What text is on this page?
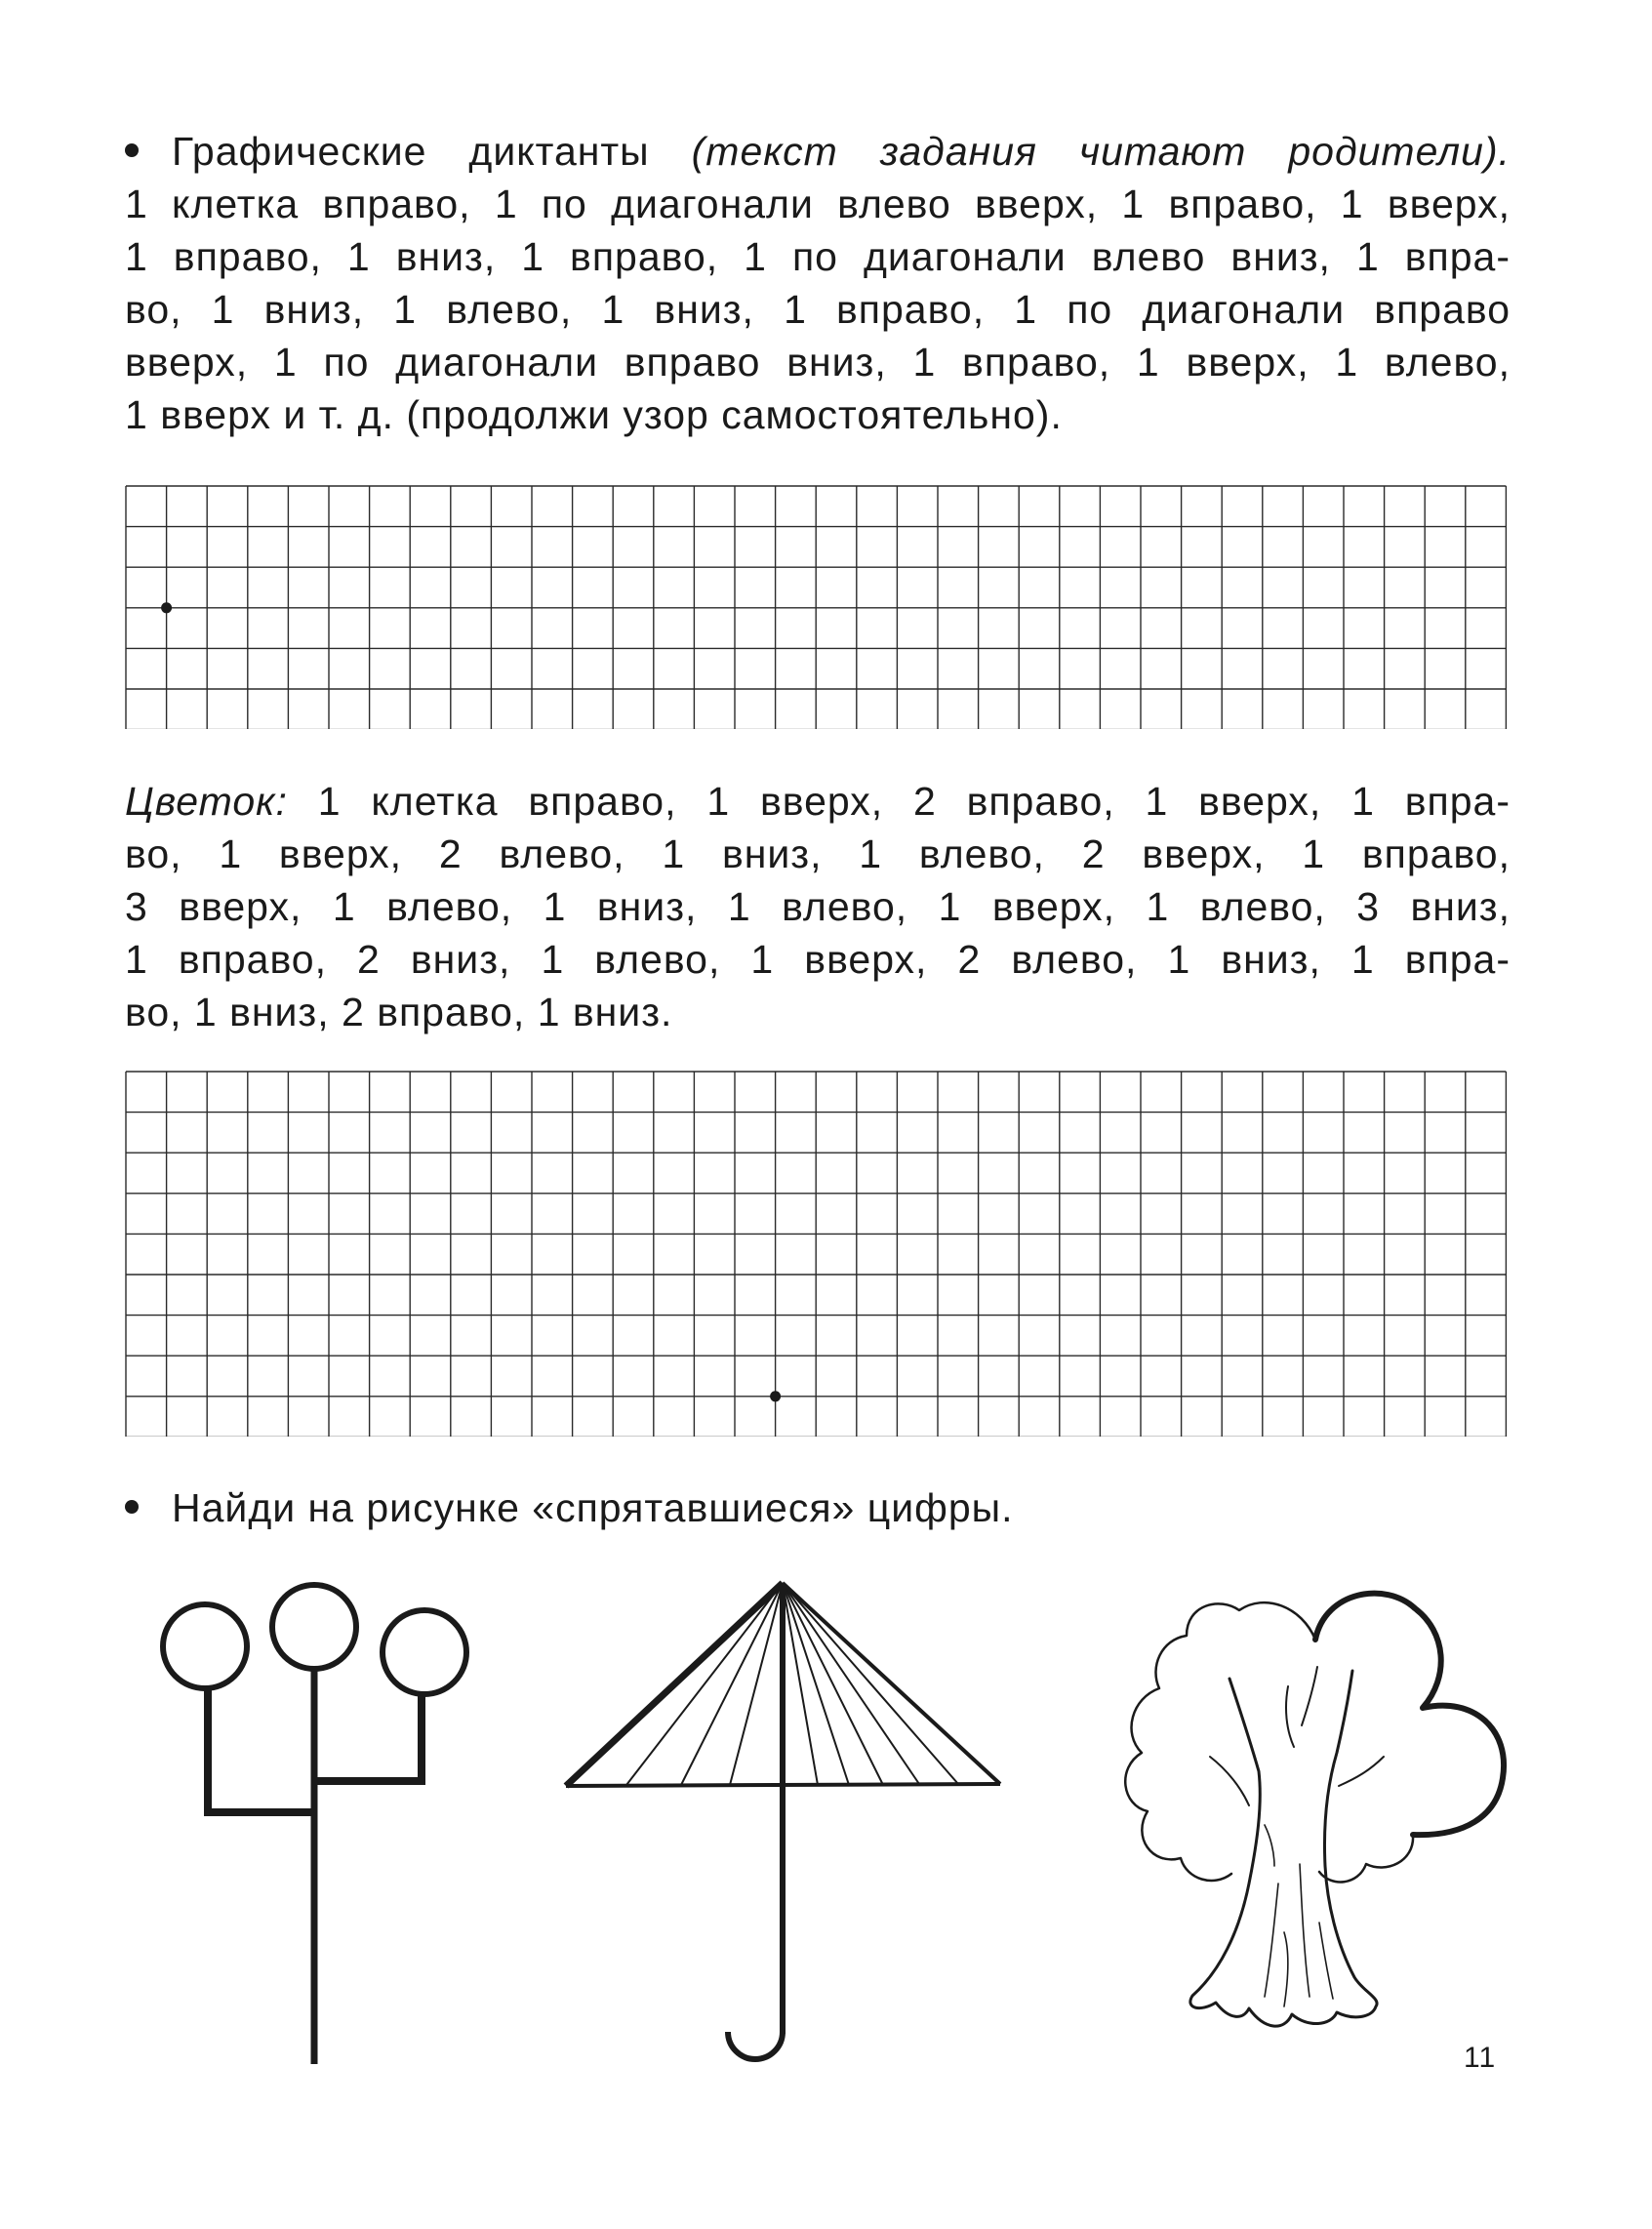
Графические диктанты (текст задания читают родители).
1 клетка вправо, 1 по диагонали влево вверх, 1 вправо, 1 вверх,
1 вправо, 1 вниз, 1 вправо, 1 по диагонали влево вниз, 1 впра-
во, 1 вниз, 1 влево, 1 вниз, 1 вправо, 1 по диагонали вправо
вверх, 1 по диагонали вправо вниз, 1 вправо, 1 вверх, 1 влево,
1 вверх и т. д. (продолжи узор самостоятельно).
Цветок: 1 клетка вправо, 1 вверх, 2 вправо, 1 вверх, 1 впра-
во, 1 вверх, 2 влево, 1 вниз, 1 влево, 2 вверх, 1 вправо,
3 вверх, 1 влево, 1 вниз, 1 влево, 1 вверх, 1 влево, 3 вниз,
1 вправо, 2 вниз, 1 влево, 1 вверх, 2 влево, 1 вниз, 1 впра-
во, 1 вниз, 2 вправо, 1 вниз.
Найди на рисунке «спрятавшиеся» цифры.
11
